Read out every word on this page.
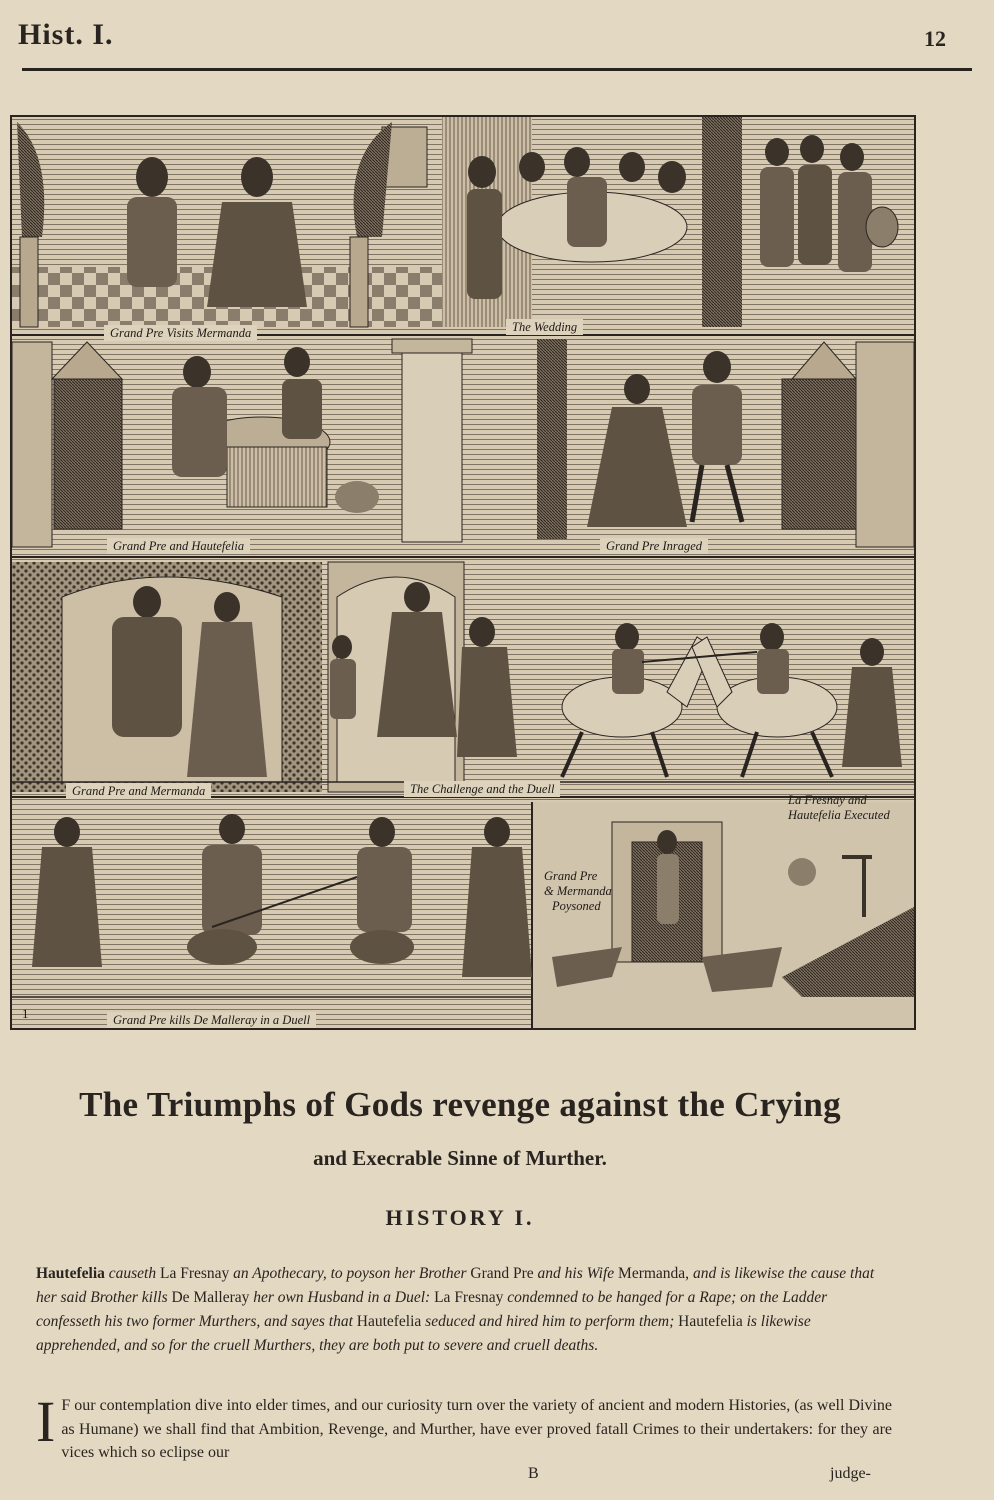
Hist. I.	12
Grand Pre Visits Mermanda	The Wedding
Grand Pre and Hautefelia	Grand Pre Inraged
Grand Pre and Mermanda	The Challenge and the Duell
Grand Pre kills De Malleray in a Duell
Grand Pre
& Mermanda
Poysoned
La Fresnay and
Hautefelia Executed
1
The Triumphs of Gods revenge against the Crying
and Execrable Sinne of Murther.
HISTORY I.
Hautefelia causeth La Fresnay an Apothecary, to poyson her Brother Grand Pre and his Wife Mermanda, and is likewise the cause that her said Brother kills De Malleray her own Husband in a Duel: La Fresnay condemned to be hanged for a Rape; on the Ladder confesseth his two former Murthers, and sayes that Hautefelia seduced and hired him to perform them; Hautefelia is likewise apprehended, and so for the cruell Murthers, they are both put to severe and cruell deaths.
I F our contemplation dive into elder times, and our curiosity turn over the variety of ancient and modern Histories, (as well Divine as Humane) we shall find that Ambition, Revenge, and Murther, have ever proved fatall Crimes to their undertakers: for they are vices which so eclipse our
B	judge-
